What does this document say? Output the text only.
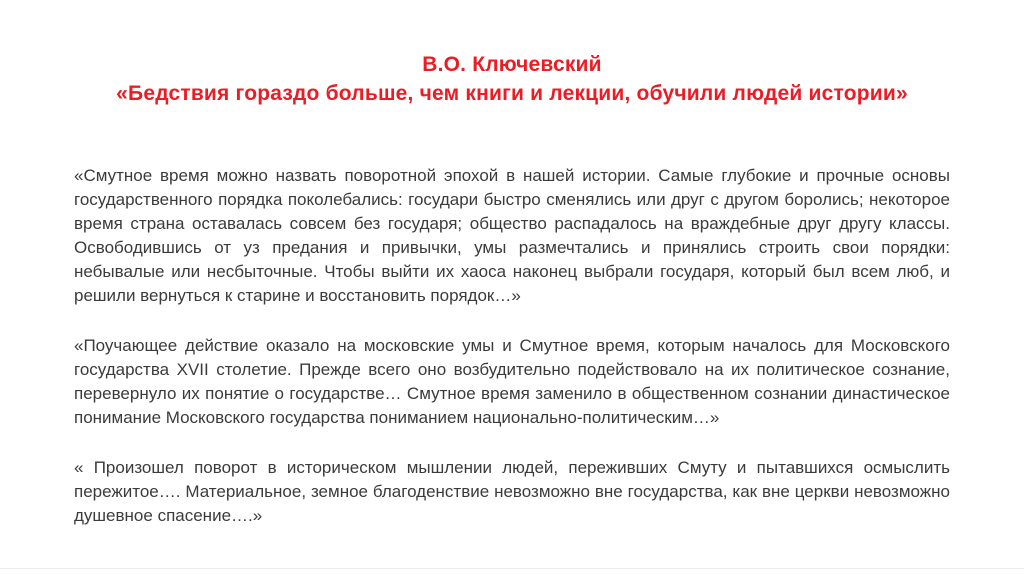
В.О. Ключевский
«Бедствия гораздо больше, чем книги и лекции, обучили людей истории»

«Смутное время можно назвать поворотной эпохой в нашей истории. Самые глубокие и прочные основы государственного порядка поколебались: государи быстро сменялись или друг с другом боролись; некоторое время страна оставалась совсем без государя; общество распадалось на враждебные друг другу классы. Освободившись от уз предания и привычки, умы размечтались и принялись строить свои порядки: небывалые или несбыточные. Чтобы выйти их хаоса наконец выбрали государя, который был всем люб, и решили вернуться к старине и восстановить порядок…»

«Поучающее действие оказало на московские умы и Смутное время, которым началось для Московского государства XVII столетие. Прежде всего оно возбудительно подействовало на их политическое сознание, перевернуло их понятие о государстве… Смутное время заменило в общественном сознании династическое понимание Московского государства пониманием национально-политическим…»

« Произошел поворот в историческом мышлении людей, переживших Смуту и пытавшихся осмыслить пережитое…. Материальное, земное благоденствие невозможно вне государства, как вне церкви невозможно душевное спасение….»
